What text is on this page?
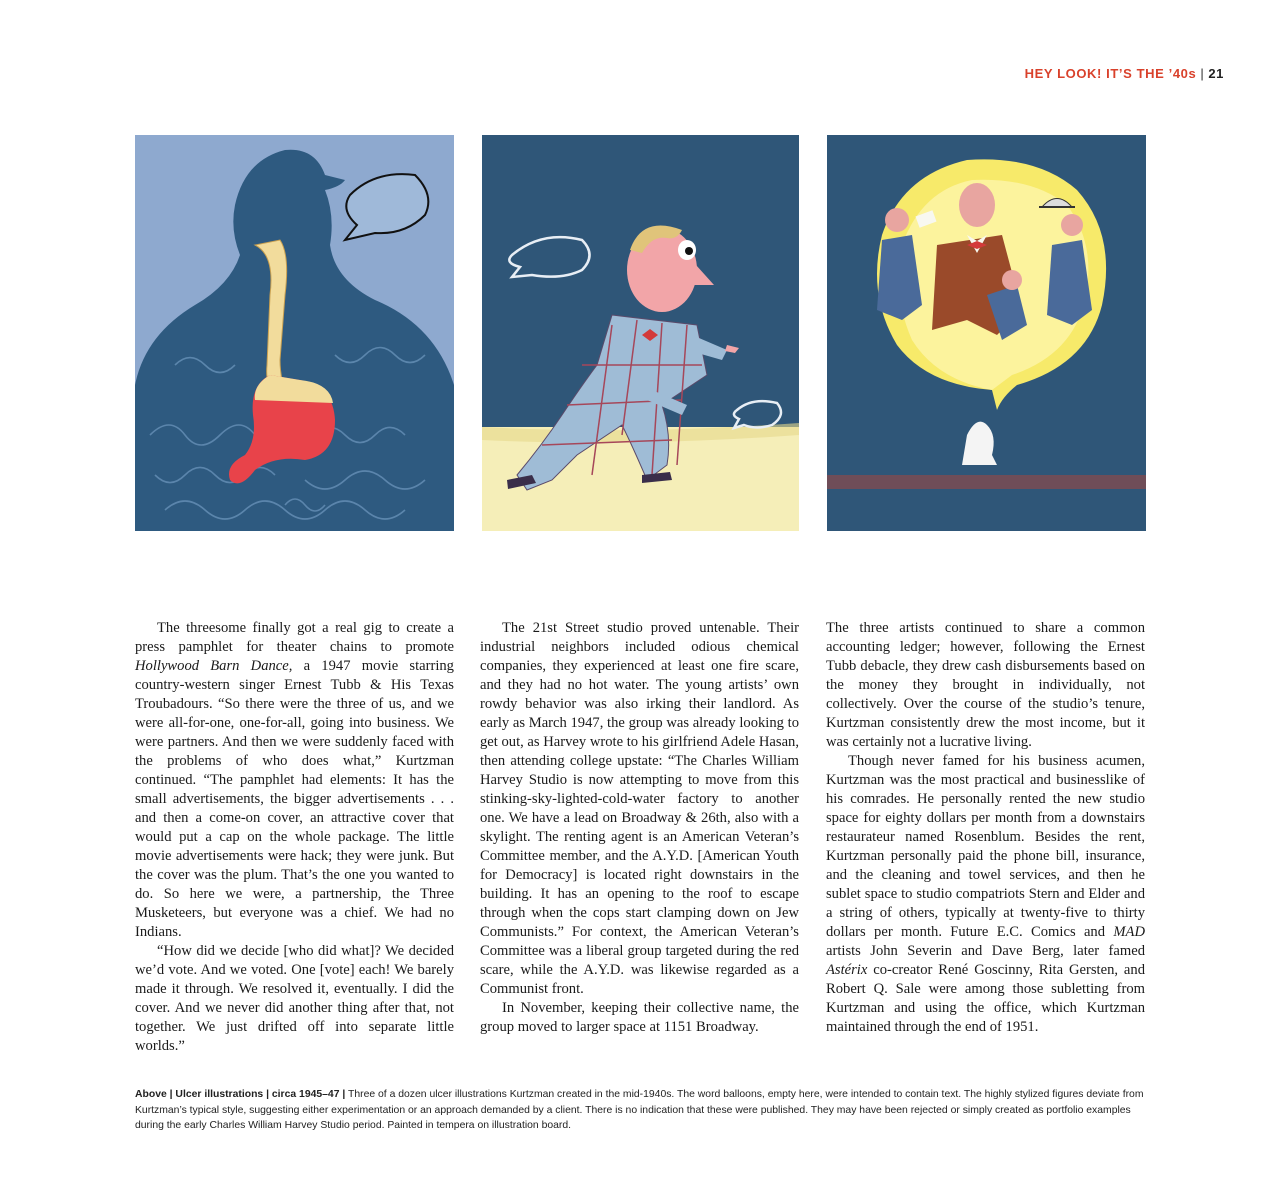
HEY LOOK! IT’S THE ’40s | 21

The threesome finally got a real gig to create a press pamphlet for theater chains to promote Hollywood Barn Dance, a 1947 movie starring country-western singer Ernest Tubb & His Texas Troubadours. “So there were the three of us, and we were all-for-one, one-for-all, going into business. We were partners. And then we were suddenly faced with the problems of who does what,” Kurtzman continued. “The pamphlet had elements: It has the small advertisements, the bigger advertisements . . . and then a come-on cover, an attractive cover that would put a cap on the whole package. The little movie advertisements were hack; they were junk. But the cover was the plum. That’s the one you wanted to do. So here we were, a partnership, the Three Musketeers, but everyone was a chief. We had no Indians.

“How did we decide [who did what]? We decided we’d vote. And we voted. One [vote] each! We barely made it through. We resolved it, eventually. I did the cover. And we never did another thing after that, not together. We just drifted off into separate little worlds.”

The 21st Street studio proved untenable. Their industrial neighbors included odious chemical companies, they experienced at least one fire scare, and they had no hot water. The young artists’ own rowdy behavior was also irking their landlord. As early as March 1947, the group was already looking to get out, as Harvey wrote to his girlfriend Adele Hasan, then attending college upstate: “The Charles William Harvey Studio is now attempting to move from this stinking-sky-lighted-cold-water factory to another one. We have a lead on Broadway & 26th, also with a skylight. The renting agent is an American Veteran’s Committee member, and the A.Y.D. [American Youth for Democracy] is located right downstairs in the building. It has an opening to the roof to escape through when the cops start clamping down on Jew Communists.” For context, the American Veteran’s Committee was a liberal group targeted during the red scare, while the A.Y.D. was likewise regarded as a Communist front.

In November, keeping their collective name, the group moved to larger space at 1151 Broadway.

The three artists continued to share a common accounting ledger; however, following the Ernest Tubb debacle, they drew cash disbursements based on the money they brought in individually, not collectively. Over the course of the studio’s tenure, Kurtzman consistently drew the most income, but it was certainly not a lucrative living.

Though never famed for his business acumen, Kurtzman was the most practical and businesslike of his comrades. He personally rented the new studio space for eighty dollars per month from a downstairs restaurateur named Rosenblum. Besides the rent, Kurtzman personally paid the phone bill, insurance, and the cleaning and towel services, and then he sublet space to studio compatriots Stern and Elder and a string of others, typically at twenty-five to thirty dollars per month. Future E.C. Comics and MAD artists John Severin and Dave Berg, later famed Astérix co-creator René Goscinny, Rita Gersten, and Robert Q. Sale were among those subletting from Kurtzman and using the office, which Kurtzman maintained through the end of 1951.

Above | Ulcer illustrations | circa 1945–47 | Three of a dozen ulcer illustrations Kurtzman created in the mid-1940s. The word balloons, empty here, were intended to contain text. The highly stylized figures deviate from Kurtzman’s typical style, suggesting either experimentation or an approach demanded by a client. There is no indication that these were published. They may have been rejected or simply created as portfolio examples during the early Charles William Harvey Studio period. Painted in tempera on illustration board.
